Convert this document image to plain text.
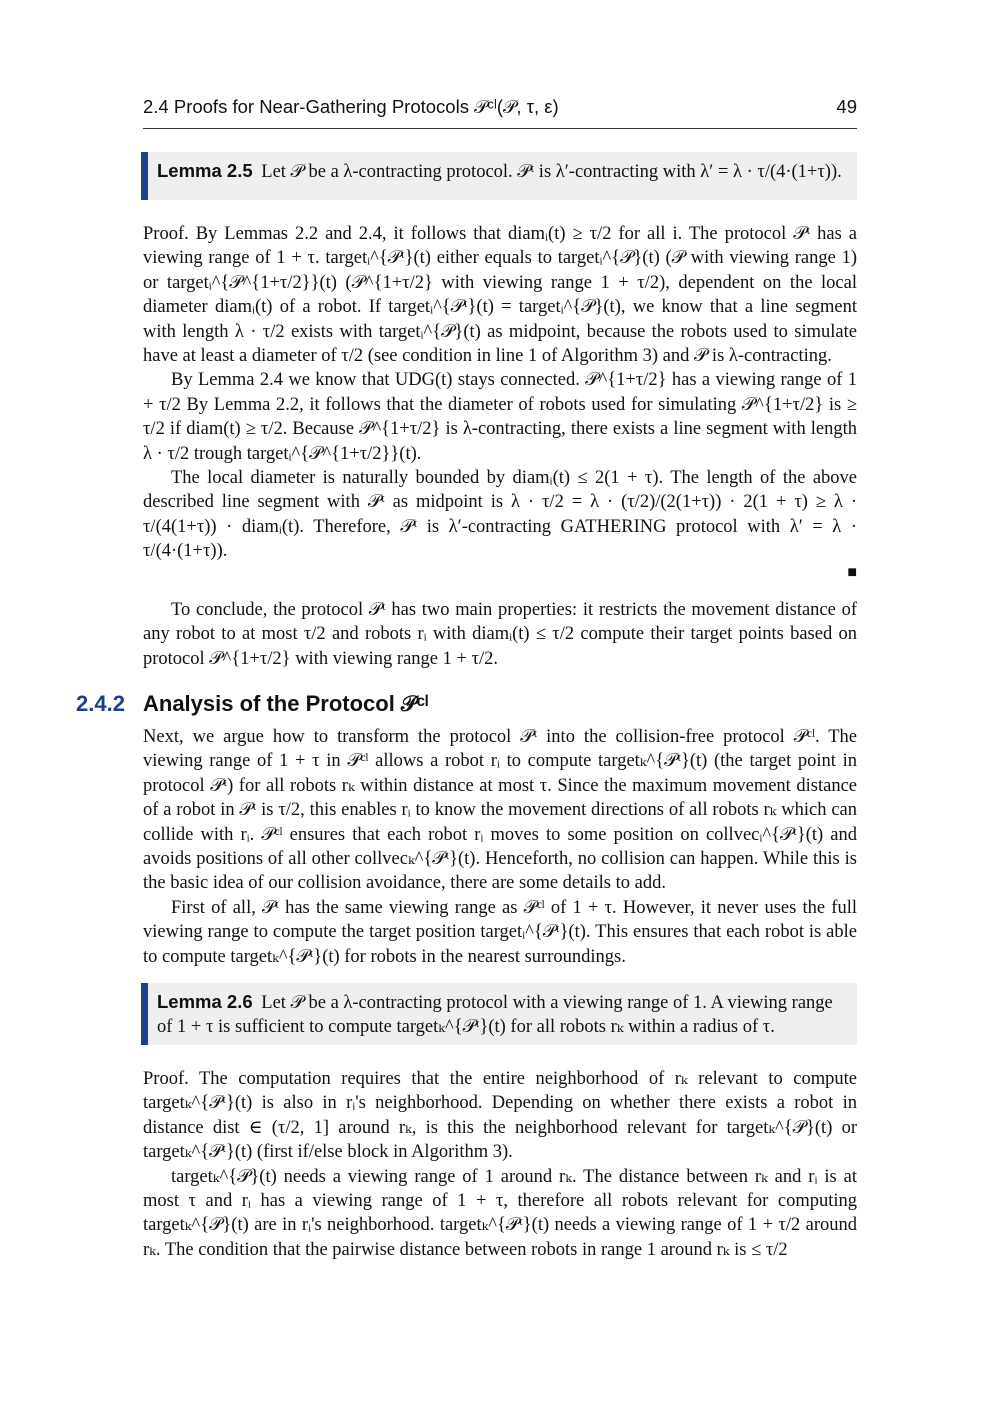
2.4 Proofs for Near-Gathering Protocols 𝒫ᶜˡ(𝒫, τ, ε)	49
Lemma 2.5 Let 𝒫 be a λ-contracting protocol. 𝒫ᵗ is λ′-contracting with λ′ = λ · τ/(4·(1+τ)).

Proof. By Lemmas 2.2 and 2.4, it follows that diamᵢ(t) ≥ τ/2 for all i. The protocol 𝒫ᵗ has a viewing range of 1 + τ. targetᵢ^{𝒫ᵗ}(t) either equals to targetᵢ^{𝒫}(t) (𝒫 with viewing range 1) or targetᵢ^{𝒫^{1+τ/2}}(t) (𝒫^{1+τ/2} with viewing range 1 + τ/2), dependent on the local diameter diamᵢ(t) of a robot. If targetᵢ^{𝒫ᵗ}(t) = targetᵢ^{𝒫}(t), we know that a line segment with length λ · τ/2 exists with targetᵢ^{𝒫}(t) as midpoint, because the robots used to simulate have at least a diameter of τ/2 (see condition in line 1 of Algorithm 3) and 𝒫 is λ-contracting.

By Lemma 2.4 we know that UDG(t) stays connected. 𝒫^{1+τ/2} has a viewing range of 1 + τ/2 By Lemma 2.2, it follows that the diameter of robots used for simulating 𝒫^{1+τ/2} is ≥ τ/2 if diam(t) ≥ τ/2. Because 𝒫^{1+τ/2} is λ-contracting, there exists a line segment with length λ · τ/2 trough targetᵢ^{𝒫^{1+τ/2}}(t).

The local diameter is naturally bounded by diamᵢ(t) ≤ 2(1 + τ). The length of the above described line segment with 𝒫ᵗ as midpoint is λ · τ/2 = λ · (τ/2)/(2(1+τ)) · 2(1 + τ) ≥ λ · τ/(4(1+τ)) · diamᵢ(t). Therefore, 𝒫ᵗ is λ′-contracting GATHERING protocol with λ′ = λ · τ/(4·(1+τ)).

■

To conclude, the protocol 𝒫ᵗ has two main properties: it restricts the movement distance of any robot to at most τ/2 and robots rᵢ with diamᵢ(t) ≤ τ/2 compute their target points based on protocol 𝒫^{1+τ/2} with viewing range 1 + τ/2.

2.4.2 Analysis of the Protocol 𝒫ᶜˡ

Next, we argue how to transform the protocol 𝒫ᵗ into the collision-free protocol 𝒫ᶜˡ. The viewing range of 1 + τ in 𝒫ᶜˡ allows a robot rᵢ to compute targetₖ^{𝒫ᵗ}(t) (the target point in protocol 𝒫ᵗ) for all robots rₖ within distance at most τ. Since the maximum movement distance of a robot in 𝒫ᵗ is τ/2, this enables rᵢ to know the movement directions of all robots rₖ which can collide with rᵢ. 𝒫ᶜˡ ensures that each robot rᵢ moves to some position on collvecᵢ^{𝒫ᵗ}(t) and avoids positions of all other collvecₖ^{𝒫ᵗ}(t). Henceforth, no collision can happen. While this is the basic idea of our collision avoidance, there are some details to add.

First of all, 𝒫ᵗ has the same viewing range as 𝒫ᶜˡ of 1 + τ. However, it never uses the full viewing range to compute the target position targetᵢ^{𝒫ᵗ}(t). This ensures that each robot is able to compute targetₖ^{𝒫ᵗ}(t) for robots in the nearest surroundings.

Lemma 2.6 Let 𝒫 be a λ-contracting protocol with a viewing range of 1. A viewing range of 1 + τ is sufficient to compute targetₖ^{𝒫ᵗ}(t) for all robots rₖ within a radius of τ.

Proof. The computation requires that the entire neighborhood of rₖ relevant to compute targetₖ^{𝒫ᵗ}(t) is also in rᵢ's neighborhood. Depending on whether there exists a robot in distance dist ∈ (τ/2, 1] around rₖ, is this the neighborhood relevant for targetₖ^{𝒫}(t) or targetₖ^{𝒫ᵗ}(t) (first if/else block in Algorithm 3).

targetₖ^{𝒫}(t) needs a viewing range of 1 around rₖ. The distance between rₖ and rᵢ is at most τ and rᵢ has a viewing range of 1 + τ, therefore all robots relevant for computing targetₖ^{𝒫}(t) are in rᵢ's neighborhood. targetₖ^{𝒫ᵗ}(t) needs a viewing range of 1 + τ/2 around rₖ. The condition that the pairwise distance between robots in range 1 around rₖ is ≤ τ/2
